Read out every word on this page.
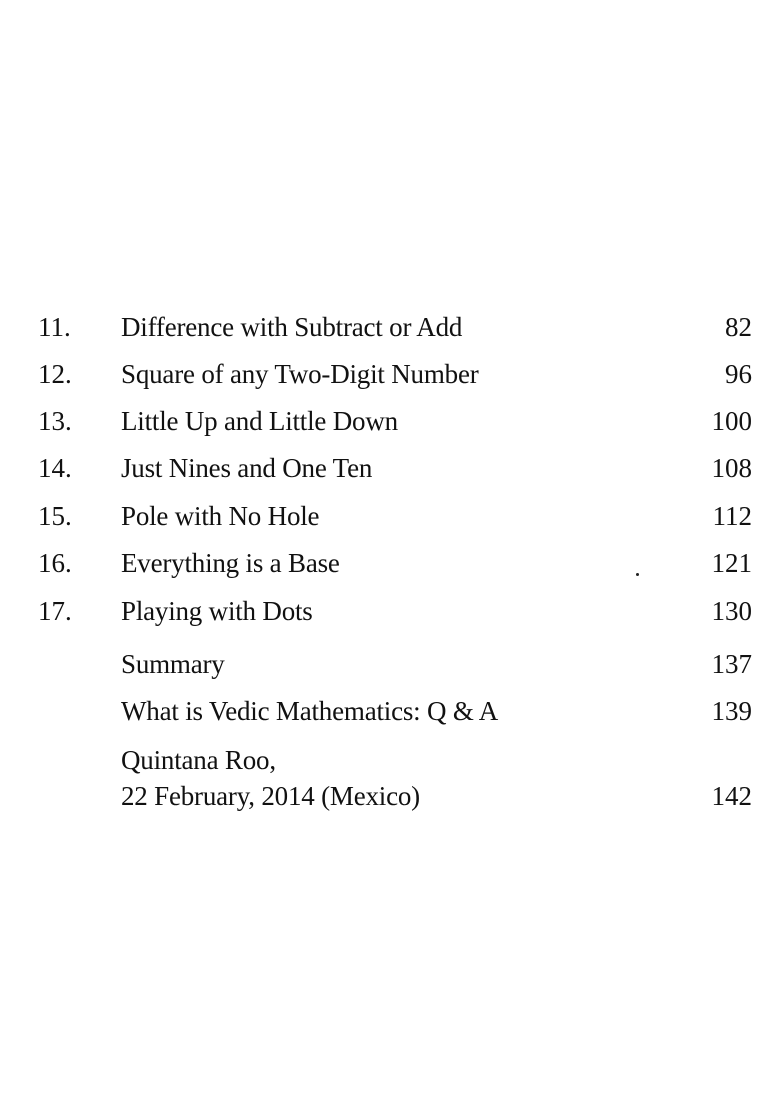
11. Difference with Subtract or Add	82
12. Square of any Two-Digit Number	96
13. Little Up and Little Down	100
14. Just Nines and One Ten	108
15. Pole with No Hole	112
16. Everything is a Base	121
17. Playing with Dots	130
Summary	137
What is Vedic Mathematics: Q & A	139
Quintana Roo,
22 February, 2014 (Mexico)	142
